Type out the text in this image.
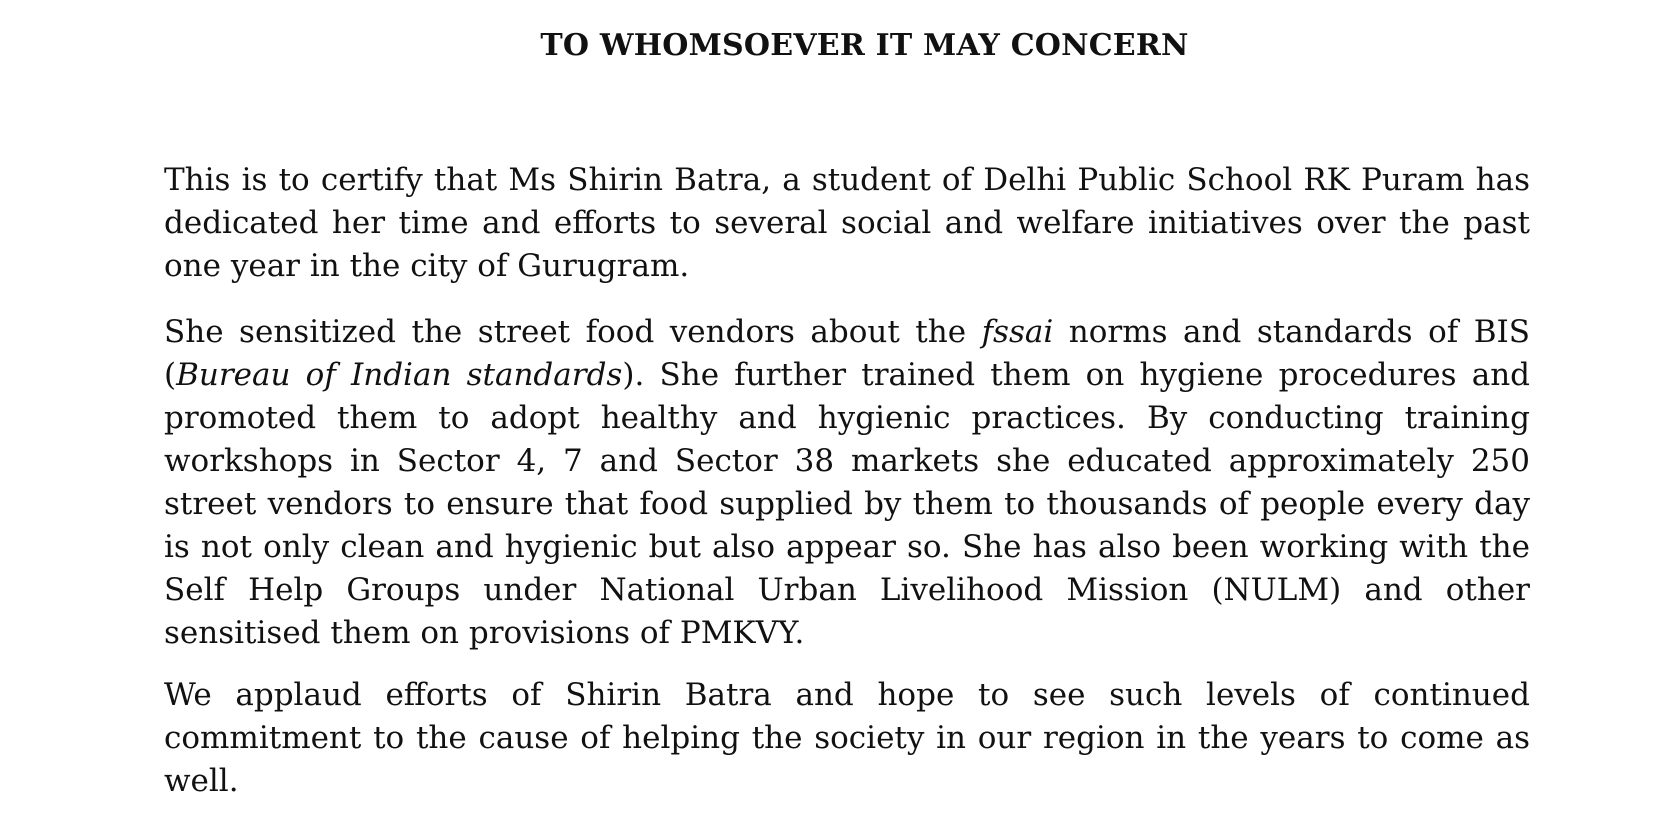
TO WHOMSOEVER IT MAY CONCERN

This is to certify that Ms Shirin Batra, a student of Delhi Public School RK Puram has dedicated her time and efforts to several social and welfare initiatives over the past one year in the city of Gurugram.

She sensitized the street food vendors about the fssai norms and standards of BIS (Bureau of Indian standards). She further trained them on hygiene procedures and promoted them to adopt healthy and hygienic practices. By conducting training workshops in Sector 4, 7 and Sector 38 markets she educated approximately 250 street vendors to ensure that food supplied by them to thousands of people every day is not only clean and hygienic but also appear so. She has also been working with the Self Help Groups under National Urban Livelihood Mission (NULM) and other sensitised them on provisions of PMKVY.

We applaud efforts of Shirin Batra and hope to see such levels of continued commitment to the cause of helping the society in our region in the years to come as well.
